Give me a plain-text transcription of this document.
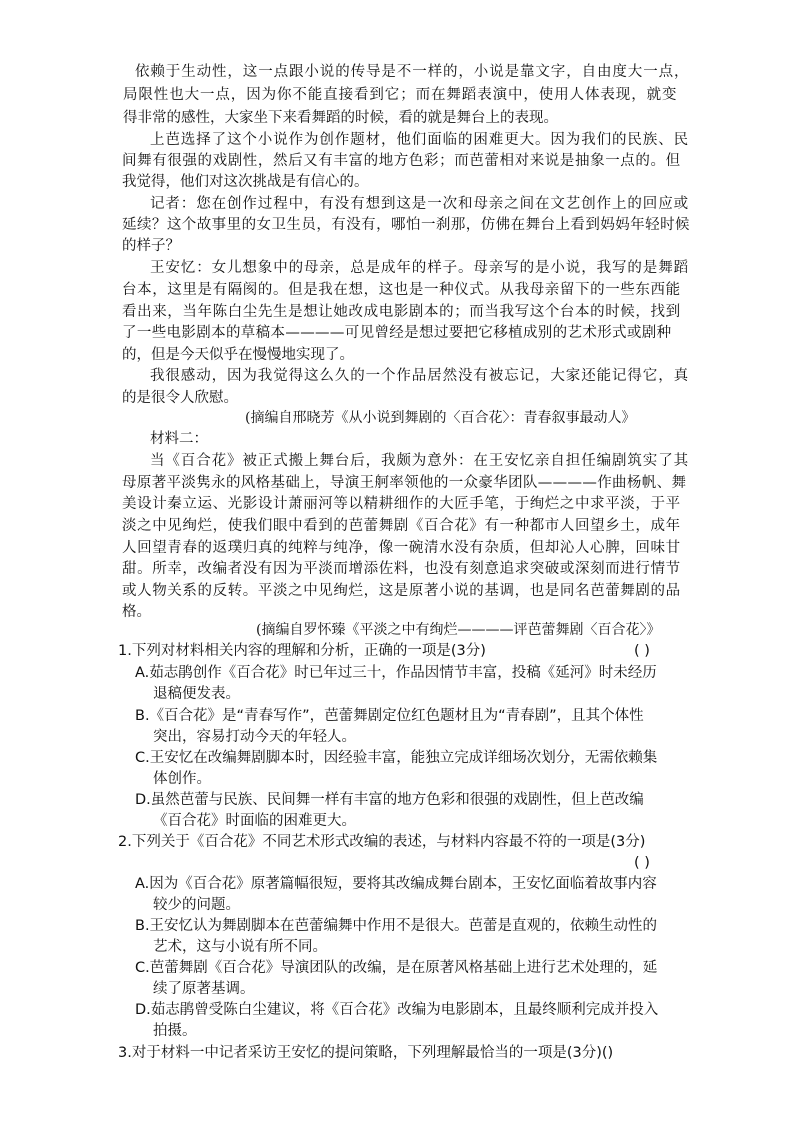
依赖于生动性，这一点跟小说的传导是不一样的，小说是靠文字，自由度大一点，
局限性也大一点，因为你不能直接看到它；而在舞蹈表演中，使用人体表现，就变
得非常的感性，大家坐下来看舞蹈的时候，看的就是舞台上的表现。
上芭选择了这个小说作为创作题材，他们面临的困难更大。因为我们的民族、民
间舞有很强的戏剧性，然后又有丰富的地方色彩；而芭蕾相对来说是抽象一点的。但
我觉得，他们对这次挑战是有信心的。
记者：您在创作过程中，有没有想到这是一次和母亲之间在文艺创作上的回应或
延续？这个故事里的女卫生员，有没有，哪怕一刹那，仿佛在舞台上看到妈妈年轻时候
的样子？
王安忆：女儿想象中的母亲，总是成年的样子。母亲写的是小说，我写的是舞蹈
台本，这里是有隔阂的。但是我在想，这也是一种仪式。从我母亲留下的一些东西能
看出来，当年陈白尘先生是想让她改成电影剧本的；而当我写这个台本的时候，找到
了一些电影剧本的草稿本————可见曾经是想过要把它移植成别的艺术形式或剧种
的，但是今天似乎在慢慢地实现了。
我很感动，因为我觉得这么久的一个作品居然没有被忘记，大家还能记得它，真
的是很令人欣慰。
(摘编自邢晓芳《从小说到舞剧的〈百合花〉：青春叙事最动人》
材料二：
当《百合花》被正式搬上舞台后，我颇为意外：在王安忆亲自担任编剧筑实了其
母原著平淡隽永的风格基础上，导演王舸率领他的一众豪华团队————作曲杨帆、舞
美设计秦立运、光影设计萧丽河等以精耕细作的大匠手笔，于绚烂之中求平淡，于平
淡之中见绚烂，使我们眼中看到的芭蕾舞剧《百合花》有一种都市人回望乡土，成年
人回望青春的返璞归真的纯粹与纯净，像一碗清水没有杂质，但却沁人心脾，回味甘
甜。所幸，改编者没有因为平淡而增添佐料，也没有刻意追求突破或深刻而进行情节
或人物关系的反转。平淡之中见绚烂，这是原著小说的基调，也是同名芭蕾舞剧的品
格。
(摘编自罗怀臻《平淡之中有绚烂————评芭蕾舞剧〈百合花〉》
1.下列对材料相关内容的理解和分析，正确的一项是(3分)	( )
A.茹志鹃创作《百合花》时已年过三十，作品因情节丰富，投稿《延河》时未经历
退稿便发表。
B.《百合花》是“青春写作”，芭蕾舞剧定位红色题材且为“青春剧”，且其个体性
突出，容易打动今天的年轻人。
C.王安忆在改编舞剧脚本时，因经验丰富，能独立完成详细场次划分，无需依赖集
体创作。
D.虽然芭蕾与民族、民间舞一样有丰富的地方色彩和很强的戏剧性，但上芭改编
《百合花》时面临的困难更大。
2.下列关于《百合花》不同艺术形式改编的表述，与材料内容最不符的一项是(3分)
( )
A.因为《百合花》原著篇幅很短，要将其改编成舞台剧本，王安忆面临着故事内容
较少的问题。
B.王安忆认为舞剧脚本在芭蕾编舞中作用不是很大。芭蕾是直观的，依赖生动性的
艺术，这与小说有所不同。
C.芭蕾舞剧《百合花》导演团队的改编，是在原著风格基础上进行艺术处理的，延
续了原著基调。
D.茹志鹃曾受陈白尘建议，将《百合花》改编为电影剧本，且最终顺利完成并投入
拍摄。
3.对于材料一中记者采访王安忆的提问策略，下列理解最恰当的一项是(3分)()
